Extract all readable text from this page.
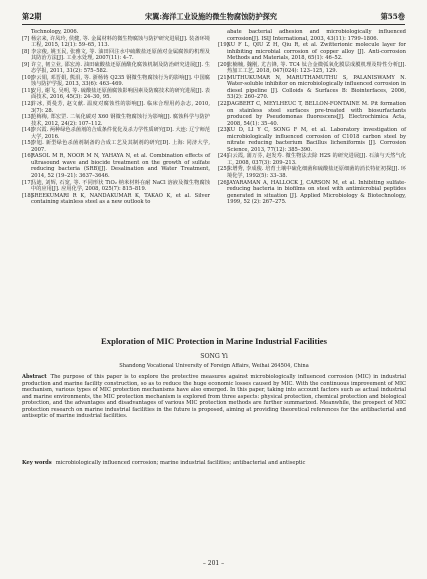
第2期	宋翼:海洋工业设施的微生物腐蚀防护探究	第55卷

Technology, 2006.

[7] 杨宗来, 许凤玲, 侯健, 等. 金属材料的微生物腐蚀与防护研究进展[J]. 装备环境工程, 2015, 12(1): 59–65, 113.

[8] 李宗俊, 姚玉民, 张雅文, 等. 油田回注水中硫酸盐还原菌对金属腐蚀的机理及其防治方法[J]. 工业水处理, 2007(11): 4–7.

[9] 许立, 韧立业, 邵宏涛. 油田硫酸盐还原菌酸化腐蚀机制及防治研究进展[J]. 生态学报, 2011, 31(2): 575–582.

[10]李云娟, 邓晋娟, 熊涓, 等. 浙杨铸 Q235 钢微生物腐蚀行为的影响[J]. 中国腐蚀与防护学报, 2013, 33(6): 463–469.

[11]安月, 谢飞, 吴明, 等. 硫酸盐还原菌腐蚀影响因素及防腐技术的研究进展[J]. 表面技术, 2016, 45(3): 24–30, 95.

[12]许冰, 贾曼芳, 赵文献. 温度对腐蚀性的影响[J]. 临床合理用药杂志, 2010, 3(7): 28.

[13]范梅梅, 郑宏罡. 二氧化碳对 X60 钢微生物腐蚀行为影响[J]. 腐蚀科学与防护技术, 2012, 24(2): 107–112.

[14]李兴霞. 两种绿色杀菌剂的合成条件优化及杀力学性质研究[D]. 大连: 辽宁师范大学, 2016.

[15]李旭. 新型绿色杀菌剂制备的合成工艺及其制剂的研究[D]. 上海: 同济大学, 2007.

[16]RASOL M R, NOOR M N, YAHAYA N, et al. Combination effects of ultrasound wave and biocide treatment on the growth of sulfate reducing bacteria (SRB)[J]. Desalination and Water Treatment, 2014, 52 (19–21): 3637–3646.

[17]马迪, 刘辉, 石宽, 等. 不同形状 TiO₂ 纳米材料在耐 NaCl 溶液及微生物腐蚀中的应用[J]. 应用化学, 2008, 025(7): 815–819.

[18]SREEKUMARI R K, NANDAKUMAR K, TAKAO K, et al. Silver containing stainless steel as a new outlook to

abate bacterial adhesion and microbiologically influenced corrosion[J]. ISIJ International, 2003, 43(11): 1799–1806.

[19]XU F L, QIU Z H, Qiu R, et al. Zwitterionic molecule layer for inhibiting microbial corrosion of copper alloy [J]. Anti-corrosion Methods and Materials, 2018, 65(1): 46–52.

[20]张楠楠, 魏刚, 尤吉锋, 等. TC4 钛合金微弧氧化膜层成膜机理及特性分析[J]. 热加工工艺, 2018, 047(024): 123–125, 129.

[21]MUTHUKUMAR N, MARUTHAMUTHU S, PALANISWAMY N. Water-soluble inhibitor on microbiologically influenced corrosion in diesel pipeline [J]. Colloids & Surfaces B: Biointerfaces, 2006, 53(2): 260–270.

[22]DAGBERT C, MEYLHEUC T, BELLON-FONTAINE M. Pit formation on stainless steel surfaces pre-treated with biosurfactants produced by Pseudomonas fluorescens[J]. Electrochimica Acta, 2008, 54(1): 35–40.

[23]XU D, LI Y C, SONG F M, et al. Laboratory investigation of microbiologically influenced corrosion of C1018 carbon steel by nitrate reducing bacterium Bacillus licheniformis [J]. Corrosion Science, 2013, 77(12): 385–390.

[24]白云霞, 蒲万芬, 赵发寿. 微生物法去除 H2S 的研究进展[J]. 石油与天然气化工, 2008, 037(3): 209–213.

[25]朱增秀, 李成俊. 培育土壤中硫化细菌和硫酸盐还原细菌的消长特征初探[J]. 环境化学, 1992(5): 33–38.

[26]JAYARAMAN A, HALLOCK J, CARSON M, et al. Inhibiting sulfate-reducing bacteria in biofilms on steel with antimicrobial peptides generated in situation [J]. Applied Microbiology & Biotechnology, 1999, 52 (2): 267–275.

Exploration of MIC Protection in Marine Industrial Facilities
SONG Yi
Shandong Vocational University of Foreign Affairs, Weihai 264504, China

Abstract The purpose of this paper is to explore the protective measures against microbiologically influenced corrosion (MIC) in industrial production and marine facility construction, so as to reduce the huge economic losses caused by MIC. With the continuous improvement of MIC mechanism, various types of MIC protection mechanisms have also emerged. In this paper, taking into account factors such as actual industrial and marine environments, the MIC protection mechanism is explored from three aspects: physical protection, chemical protection and biological protection, and the advantages and disadvantages of various MIC protection methods are further summarized. Meanwhile, the prospect of MIC protection research on marine industrial facilities in the future is proposed, aiming at providing theoretical references for the antibacterial and antiseptic of marine industrial facilities.

Key words microbiologically influenced corrosion; marine industrial facilities; antibacterial and antiseptic

– 201 –
